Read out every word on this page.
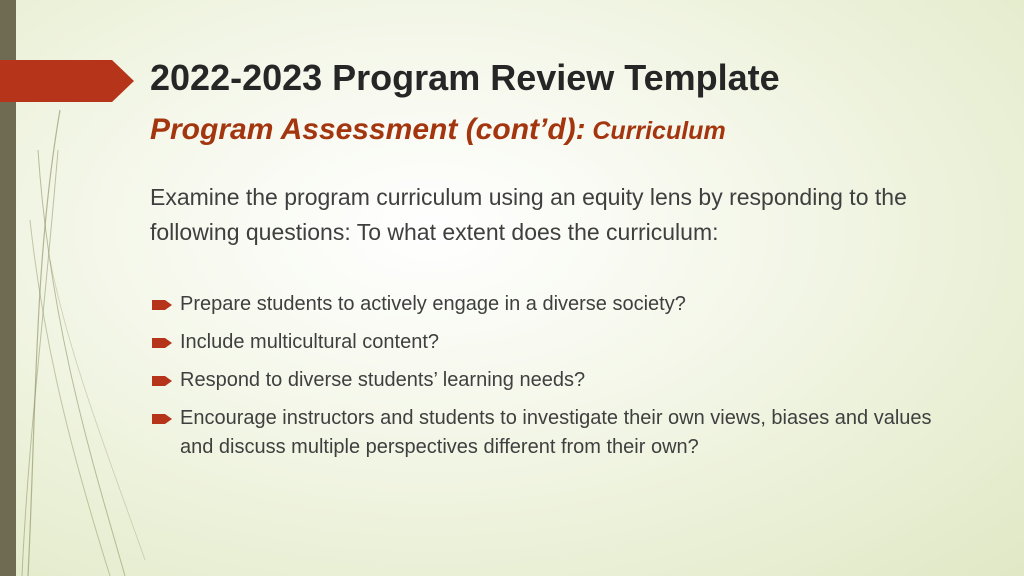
2022-2023 Program Review Template
Program Assessment (cont’d): Curriculum

Examine the program curriculum using an equity lens by responding to the following questions: To what extent does the curriculum:

Prepare students to actively engage in a diverse society?
Include multicultural content?
Respond to diverse students’ learning needs?
Encourage instructors and students to investigate their own views, biases and values and discuss multiple perspectives different from their own?
